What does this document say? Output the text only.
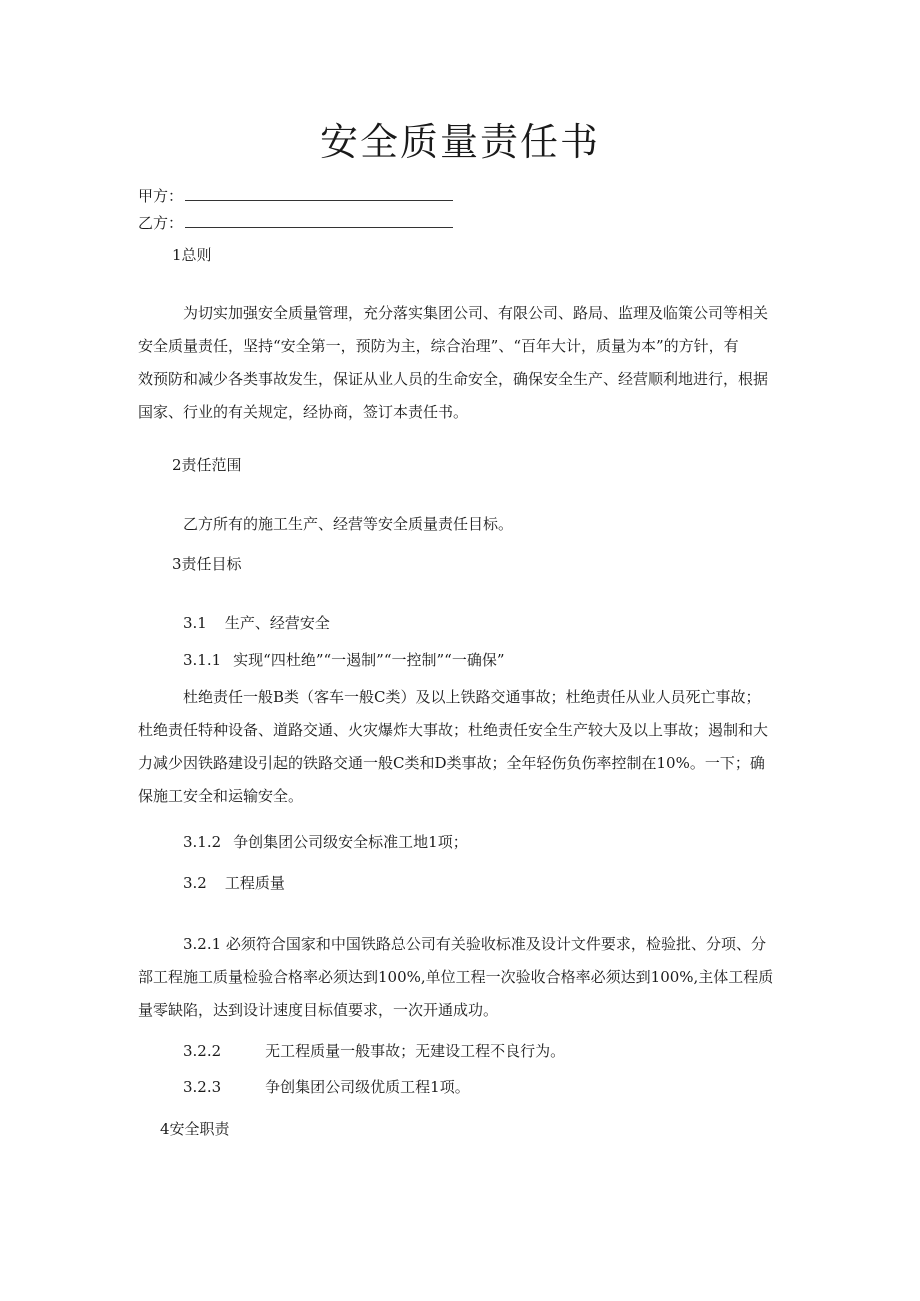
安全质量责任书
甲方：
乙方：
1总则
为切实加强安全质量管理，充分落实集团公司、有限公司、路局、监理及临策公司等相关
安全质量责任，坚持“安全第一，预防为主，综合治理”、“百年大计，质量为本”的方针，有
效预防和减少各类事故发生，保证从业人员的生命安全，确保安全生产、经营顺利地进行，根据
国家、行业的有关规定，经协商，签订本责任书。
2责任范围
乙方所有的施工生产、经营等安全质量责任目标。
3责任目标
3.1 生产、经营安全
3.1.1 实现“四杜绝”“一遏制”“一控制”“一确保”
杜绝责任一般B类（客车一般C类）及以上铁路交通事故；杜绝责任从业人员死亡事故；
杜绝责任特种设备、道路交通、火灾爆炸大事故；杜绝责任安全生产较大及以上事故；遏制和大
力减少因铁路建设引起的铁路交通一般C类和D类事故；全年轻伤负伤率控制在10%。一下；确
保施工安全和运输安全。
3.1.2 争创集团公司级安全标准工地1项；
3.2 工程质量
3.2.1 必须符合国家和中国铁路总公司有关验收标准及设计文件要求，检验批、分项、分
部工程施工质量检验合格率必须达到100%,单位工程一次验收合格率必须达到100%,主体工程质
量零缺陷，达到设计速度目标值要求，一次开通成功。
3.2.2	无工程质量一般事故；无建设工程不良行为。
3.2.3	争创集团公司级优质工程1项。
4安全职责
